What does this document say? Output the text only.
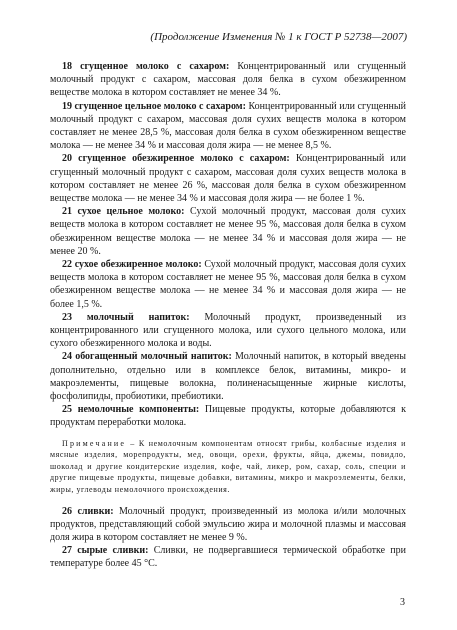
(Продолжение Изменения № 1 к ГОСТ Р 52738—2007)

18 сгущенное молоко с сахаром: Концентрированный или сгущенный молочный продукт с сахаром, массовая доля белка в сухом обезжиренном веществе молока в котором составляет не менее 34 %.

19 сгущенное цельное молоко с сахаром: Концентрированный или сгущенный молочный продукт с сахаром, массовая доля сухих веществ молока в котором составляет не менее 28,5 %, массовая доля белка в сухом обезжиренном веществе молока — не менее 34 % и массовая доля жира — не менее 8,5 %.

20 сгущенное обезжиренное молоко с сахаром: Концентрированный или сгущенный молочный продукт с сахаром, массовая доля сухих веществ молока в котором составляет не менее 26 %, массовая доля белка в сухом обезжиренном веществе молока — не менее 34 % и массовая доля жира — не более 1 %.

21 сухое цельное молоко: Сухой молочный продукт, массовая доля сухих веществ молока в котором составляет не менее 95 %, массовая доля белка в сухом обезжиренном веществе молока — не менее 34 % и массовая доля жира — не менее 20 %.

22 сухое обезжиренное молоко: Сухой молочный продукт, массовая доля сухих веществ молока в котором составляет не менее 95 %, массовая доля белка в сухом обезжиренном веществе молока — не менее 34 % и массовая доля жира — не более 1,5 %.

23 молочный напиток: Молочный продукт, произведенный из концентрированного или сгущенного молока, или сухого цельного молока, или сухого обезжиренного молока и воды.

24 обогащенный молочный напиток: Молочный напиток, в который введены дополнительно, отдельно или в комплексе белок, витамины, микро- и макроэлементы, пищевые волокна, полиненасыщенные жирные кислоты, фосфолипиды, пробиотики, пребиотики.

25 немолочные компоненты: Пищевые продукты, которые добавляются к продуктам переработки молока.

Примечание – К немолочным компонентам относят грибы, колбасные изделия и мясные изделия, морепродукты, мед, овощи, орехи, фрукты, яйца, джемы, повидло, шоколад и другие кондитерские изделия, кофе, чай, ликер, ром, сахар, соль, специи и другие пищевые продукты, пищевые добавки, витамины, микро и макроэлементы, белки, жиры, углеводы немолочного происхождения.

26 сливки: Молочный продукт, произведенный из молока и/или молочных продуктов, представляющий собой эмульсию жира и молочной плазмы и массовая доля жира в котором составляет не менее 9 %.

27 сырые сливки: Сливки, не подвергавшиеся термической обработке при температуре более 45 °С.

3
